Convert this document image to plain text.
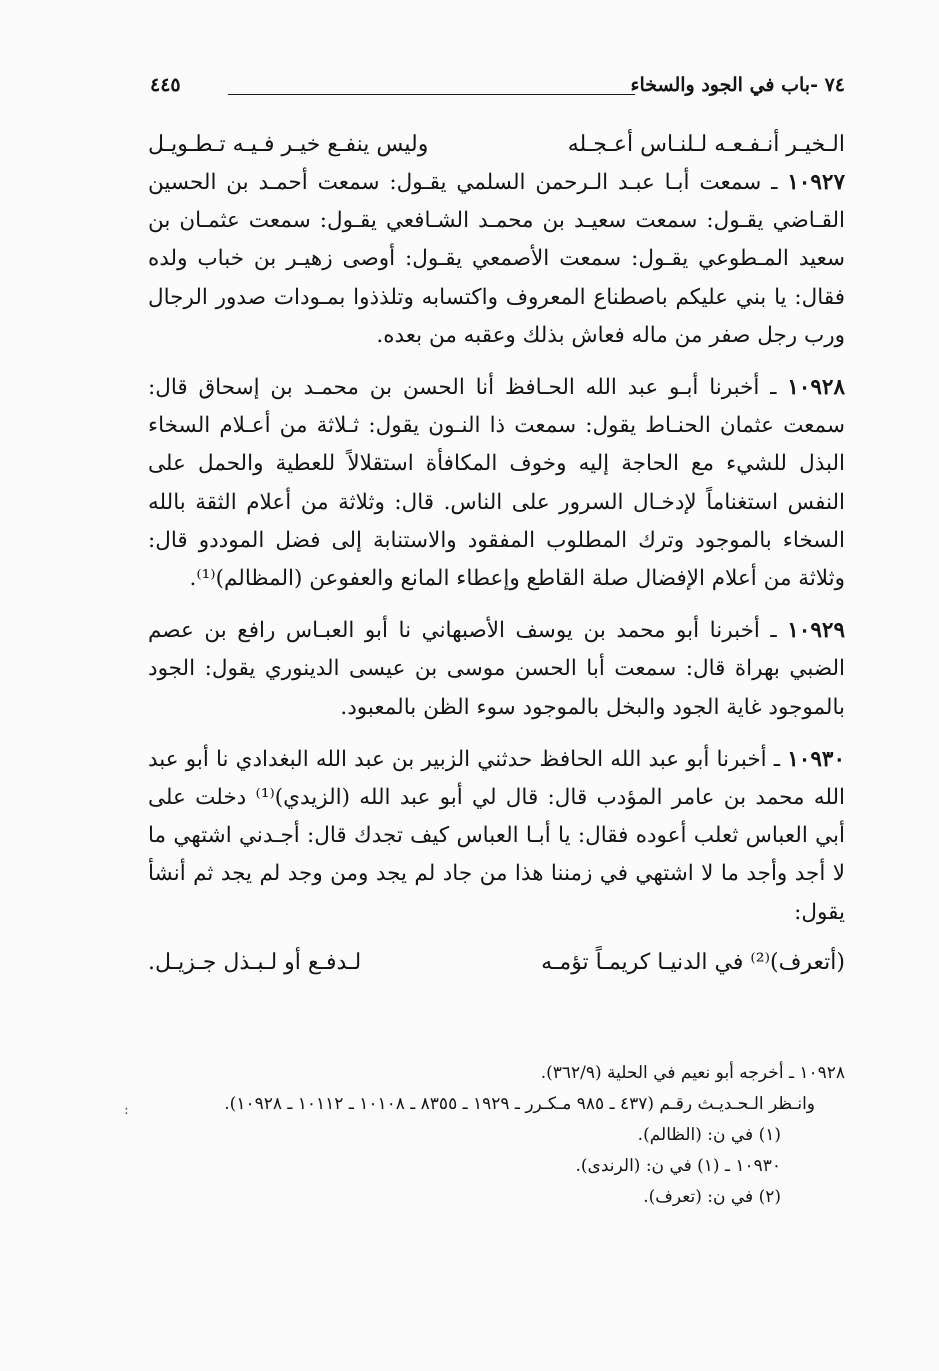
٧٤ -باب في الجود والسخاء
٤٤٥
الـخيـر أنـفـعـه لـلنـاس أعـجـله
وليس ينفـع خيـر فـيـه تـطـويـل

١٠٩٢٧ ـ سمعت أبـا عبـد الـرحمن السلمي يقـول: سمعت أحمـد بن الحسين القـاضي يقـول: سمعت سعيـد بن محمـد الشـافعي يقـول: سمعت عثمـان بن سعيد المـطوعي يقـول: سمعت الأصمعي يقـول: أوصى زهيـر بن خباب ولده فقال: يا بني عليكم باصطناع المعروف واكتسابه وتلذذوا بمـودات صدور الرجال ورب رجل صفر من ماله فعاش بذلك وعقبه من بعده.

١٠٩٢٨ ـ أخبرنا أبـو عبد الله الحـافظ أنا الحسن بن محمـد بن إسحاق قال: سمعت عثمان الحنـاط يقول: سمعت ذا النـون يقول: ثـلاثة من أعـلام السخاء البذل للشيء مع الحاجة إليه وخوف المكافأة استقلالاً للعطية والحمل على النفس استغناماً لإدخـال السرور على الناس. قال: وثلاثة من أعلام الثقة بالله السخاء بالموجود وترك المطلوب المفقود والاستنابة إلى فضل الموددو قال: وثلاثة من أعلام الإفضال صلة القاطع وإعطاء المانع والعفوعن (المظالم)⁽¹⁾.

١٠٩٢٩ ـ أخبرنا أبو محمد بن يوسف الأصبهاني نا أبو العبـاس رافع بن عصم الضبي بهراة قال: سمعت أبا الحسن موسى بن عيسى الدينوري يقول: الجود بالموجود غاية الجود والبخل بالموجود سوء الظن بالمعبود.

١٠٩٣٠ ـ أخبرنا أبو عبد الله الحافظ حدثني الزبير بن عبد الله البغدادي نا أبو عبد الله محمد بن عامر المؤدب قال: قال لي أبو عبد الله (الزيدي)⁽¹⁾ دخلت على أبي العباس ثعلب أعوده فقال: يا أبـا العباس كيف تجدك قال: أجـدني اشتهي ما لا أجد وأجد ما لا اشتهي في زمننا هذا من جاد لم يجد ومن وجد لم يجد ثم أنشأ يقول:

(أتعرف)⁽²⁾ في الدنيـا كريمـاً تؤمـه
لـدفـع أو لـبـذل جـزيـل.

١٠٩٢٨ ـ أخرجه أبو نعيم في الحلية (٣٦٢/٩).

وانـظر الـحـديـث رقـم (٤٣٧ ـ ٩٨٥ مـكـرر ـ ١٩٢٩ ـ ٨٣٥٥ ـ ١٠١٠٨ ـ ١٠١١٢ ـ ١٠٩٢٨).

(١) في ن: (الظالم).

١٠٩٣٠ ـ (١) في ن: (الرندى).

(٢) في ن: (تعرف).

:
